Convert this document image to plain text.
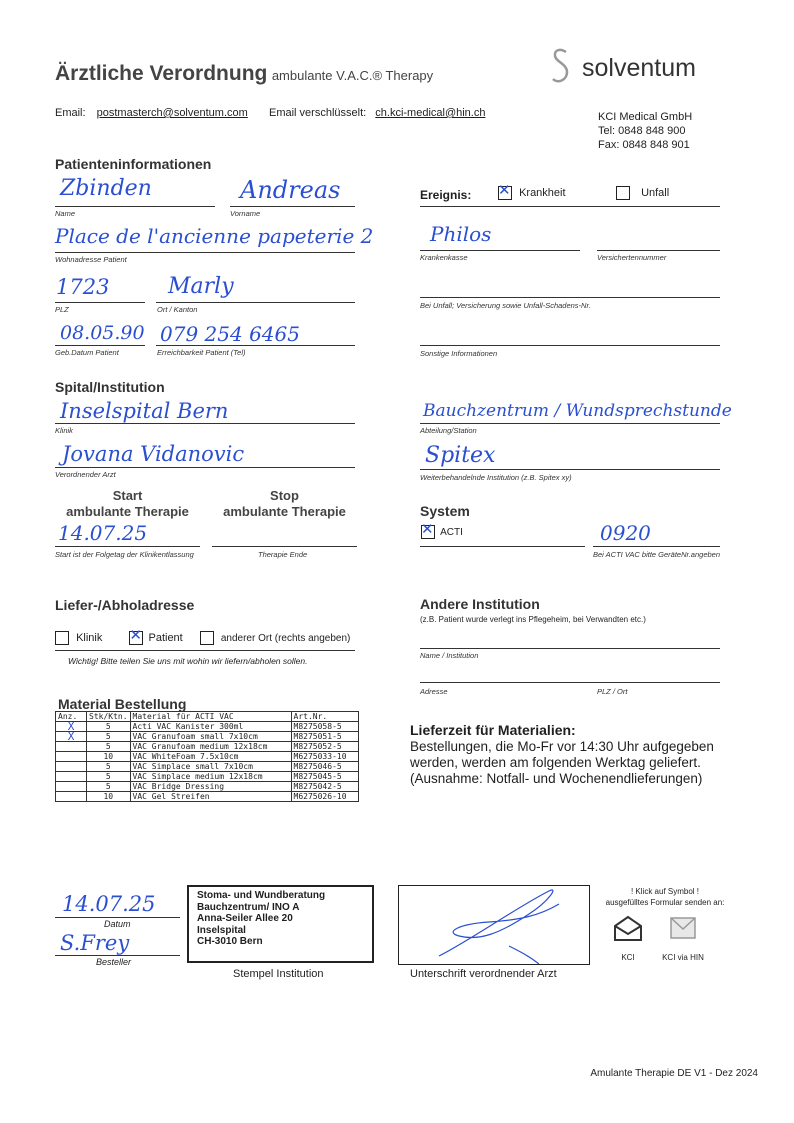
Ärztliche Verordnung ambulante V.A.C.® Therapy	solventum
Email: postmasterch@solventum.com Email verschlüsselt: ch.kci-medical@hin.ch	KCI Medical GmbH
Tel: 0848 848 900
Fax: 0848 848 901
Patienteninformationen
Zbinden
Name
Andreas
Vorname
Place de l'ancienne papeterie 2
Wohnadresse Patient
1723
PLZ
Marly
Ort / Kanton
08.05.90
Geb.Datum Patient
079 254 6465
Erreichbarkeit Patient (Tel)
Ereignis: ✕	Krankheit	Unfall
Philos
Krankenkasse	Versichertennummer
Bei Unfall; Versicherung sowie Unfall-Schadens-Nr.
Sonstige Informationen
Spital/Institution
Inselspital Bern
Klinik
Bauchzentrum / Wundsprechstunde
Abteilung/Station
Jovana Vidanovic
Verordnender Arzt
Spitex
Weiterbehandelnde Institution (z.B. Spitex xy)
Start
ambulante Therapie
Stop
ambulante Therapie
14.07.25
Start ist der Folgetag der Klinikentlassung	Therapie Ende
System
✕ ACTI	0920
Bei ACTI VAC bitte GeräteNr.angeben
Liefer-/Abholadresse
Klinik ✕	Patient	anderer Ort (rechts angeben)
Wichtig! Bitte teilen Sie uns mit wohin wir liefern/abholen sollen.
Andere Institution
(z.B. Patient wurde verlegt ins Pflegeheim, bei Verwandten etc.)
Name / Institution
Adresse	PLZ / Ort
Material Bestellung
Anz.	Stk/Ktn.	Material für ACTI VAC	Art.Nr.
X	5	Acti VAC Kanister 300ml	M8275058-5
X	5	VAC Granufoam small 7x10cm	M8275051-5
	5	VAC Granufoam medium 12x18cm	M8275052-5
	10	VAC WhiteFoam 7.5x10cm	M6275033-10
	5	VAC Simplace small 7x10cm	M8275046-5
	5	VAC Simplace medium 12x18cm	M8275045-5
	5	VAC Bridge Dressing	M8275042-5
	10	VAC Gel Streifen	M6275026-10
Lieferzeit für Materialien:
Bestellungen, die Mo-Fr vor 14:30 Uhr aufgegeben werden, werden am folgenden Werktag geliefert. (Ausnahme: Notfall- und Wochenendlieferungen)
14.07.25
Datum
S.Frey
Besteller
Stoma- und Wundberatung
Bauchzentrum/ INO A
Anna-Seiler Allee 20
Inselspital
CH-3010 Bern
Stempel Institution	Unterschrift verordnender Arzt
! Klick auf Symbol !
ausgefülltes Formular senden an:
KCI	KCI via HIN
Amulante Therapie DE V1 - Dez 2024
